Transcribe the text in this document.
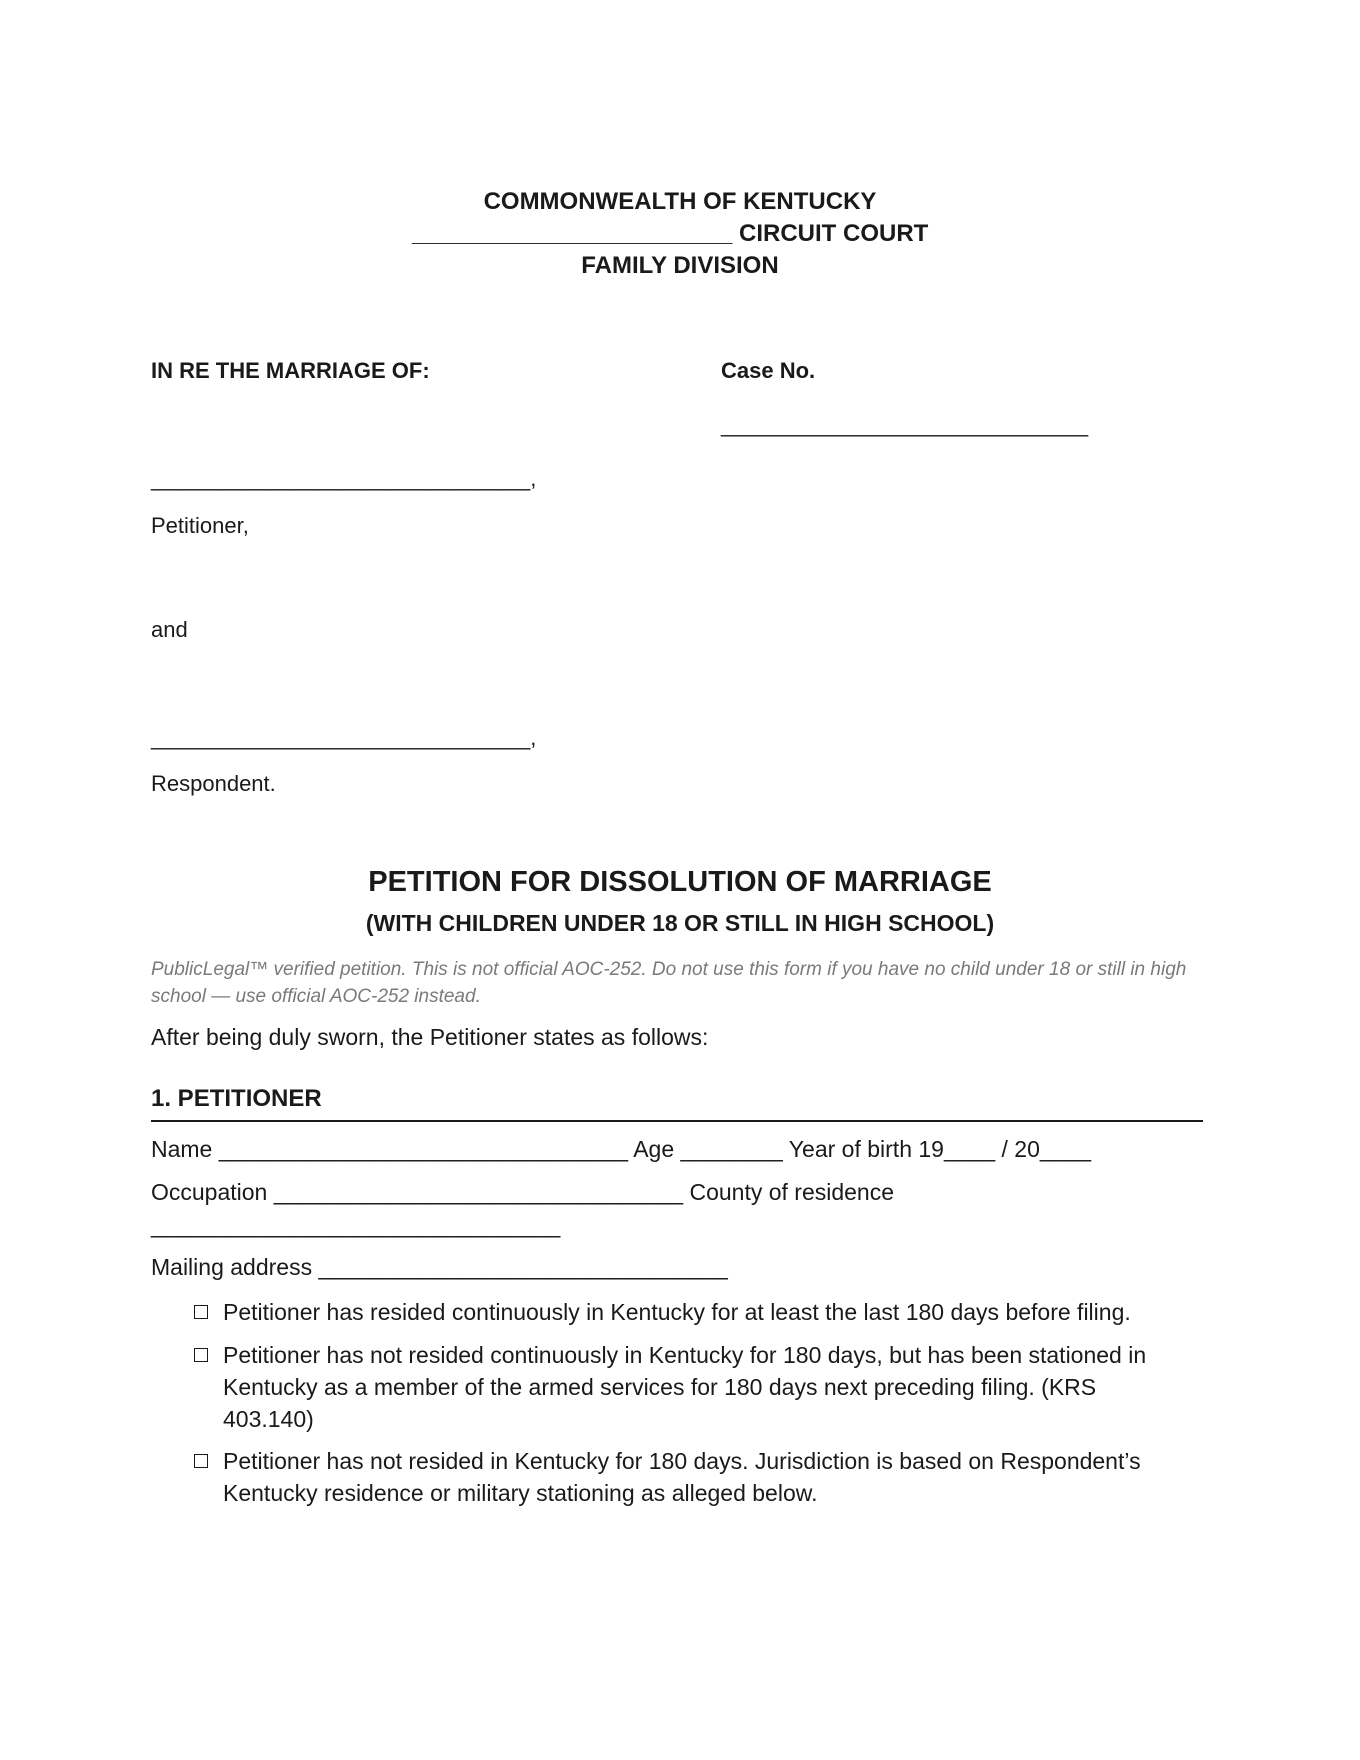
COMMONWEALTH OF KENTUCKY
________________________ CIRCUIT COURT
FAMILY DIVISION
IN RE THE MARRIAGE OF:	Case No.
______________________________
_______________________________,
Petitioner,
and
_______________________________,
Respondent.
PETITION FOR DISSOLUTION OF MARRIAGE
(WITH CHILDREN UNDER 18 OR STILL IN HIGH SCHOOL)
PublicLegal™ verified petition. This is not official AOC-252. Do not use this form if you have no child under 18 or still in high school — use official AOC-252 instead.
After being duly sworn, the Petitioner states as follows:
1. PETITIONER
Name ________________________________ Age ________ Year of birth 19____ / 20____
Occupation ________________________________ County of residence
________________________________
Mailing address ________________________________
Petitioner has resided continuously in Kentucky for at least the last 180 days before filing.
Petitioner has not resided continuously in Kentucky for 180 days, but has been stationed in Kentucky as a member of the armed services for 180 days next preceding filing. (KRS 403.140)
Petitioner has not resided in Kentucky for 180 days. Jurisdiction is based on Respondent’s Kentucky residence or military stationing as alleged below.
